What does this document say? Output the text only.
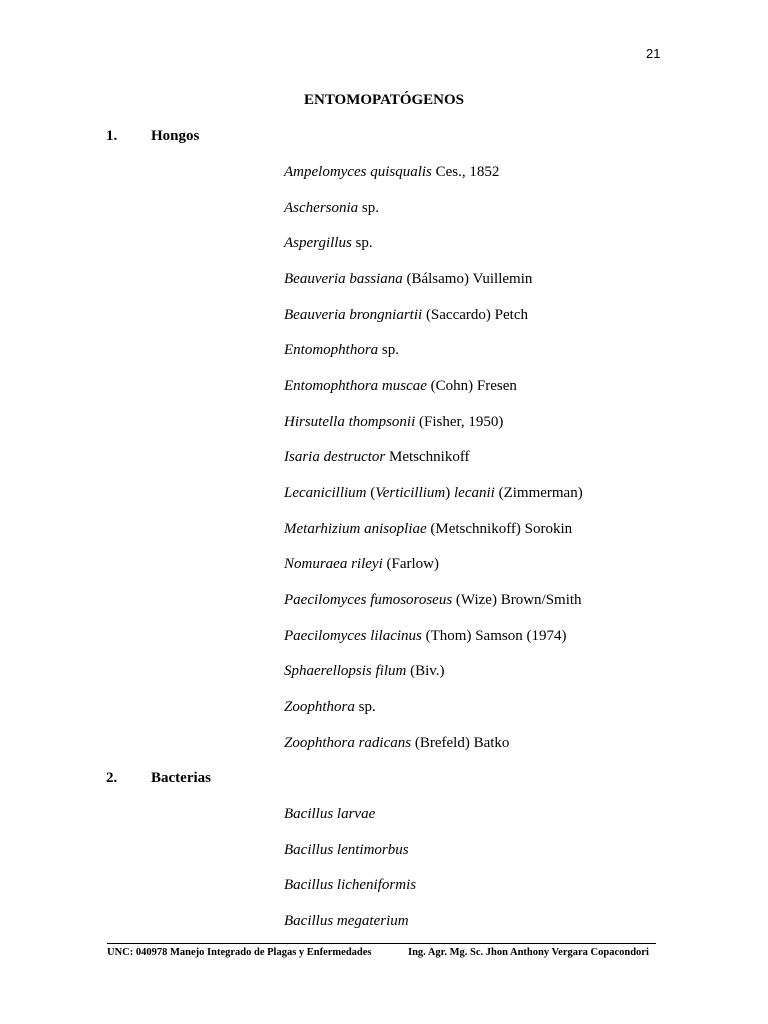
21
ENTOMOPATÓGENOS
1. Hongos
Ampelomyces quisqualis Ces., 1852
Aschersonia sp.
Aspergillus sp.
Beauveria bassiana (Bálsamo) Vuillemin
Beauveria brongniartii (Saccardo) Petch
Entomophthora sp.
Entomophthora muscae (Cohn) Fresen
Hirsutella thompsonii (Fisher, 1950)
Isaria destructor Metschnikoff
Lecanicillium (Verticillium) lecanii (Zimmerman)
Metarhizium anisopliae (Metschnikoff) Sorokin
Nomuraea rileyi (Farlow)
Paecilomyces fumosoroseus (Wize) Brown/Smith
Paecilomyces lilacinus (Thom) Samson (1974)
Sphaerellopsis filum (Biv.)
Zoophthora sp.
Zoophthora radicans (Brefeld) Batko
2. Bacterias
Bacillus larvae
Bacillus lentimorbus
Bacillus licheniformis
Bacillus megaterium
UNC: 040978 Manejo Integrado de Plagas y Enfermedades	Ing. Agr. Mg. Sc. Jhon Anthony Vergara Copacondori
